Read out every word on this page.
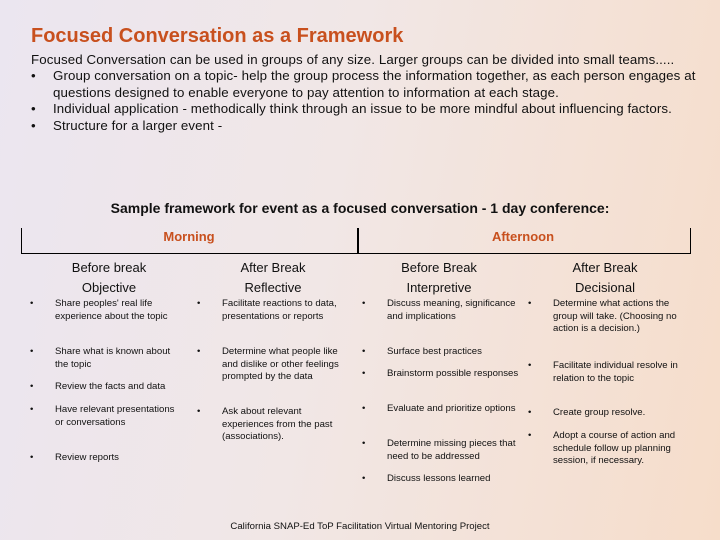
Focused Conversation as a Framework
Focused Conversation can be used in groups of any size. Larger groups can be divided into small teams.....
• Group conversation on a topic- help the group process the information together, as each person engages at questions designed to enable everyone to pay attention to information at each stage.
• Individual application - methodically think through an issue to be more mindful about influencing factors.
• Structure for a larger event -
Sample framework for event as a focused conversation - 1 day conference:
Morning	Afternoon
Before break
Objective
• Share peoples' real life experience about the topic
• Share what is known about the topic
• Review the facts and data
• Have relevant presentations or conversations
• Review reports
After Break
Reflective
• Facilitate reactions to data, presentations or reports
• Determine what people like and dislike or other feelings prompted by the data
• Ask about relevant experiences from the past (associations).
Before Break
Interpretive
• Discuss meaning, significance and implications
• Surface best practices
• Brainstorm possible responses
• Evaluate and prioritize options
• Determine missing pieces that need to be addressed
• Discuss lessons learned
After Break
Decisional
• Determine what actions the group will take. (Choosing no action is a decision.)
• Facilitate individual resolve in relation to the topic
• Create group resolve.
• Adopt a course of action and schedule follow up planning session, if necessary.
California SNAP-Ed ToP Facilitation Virtual Mentoring Project
